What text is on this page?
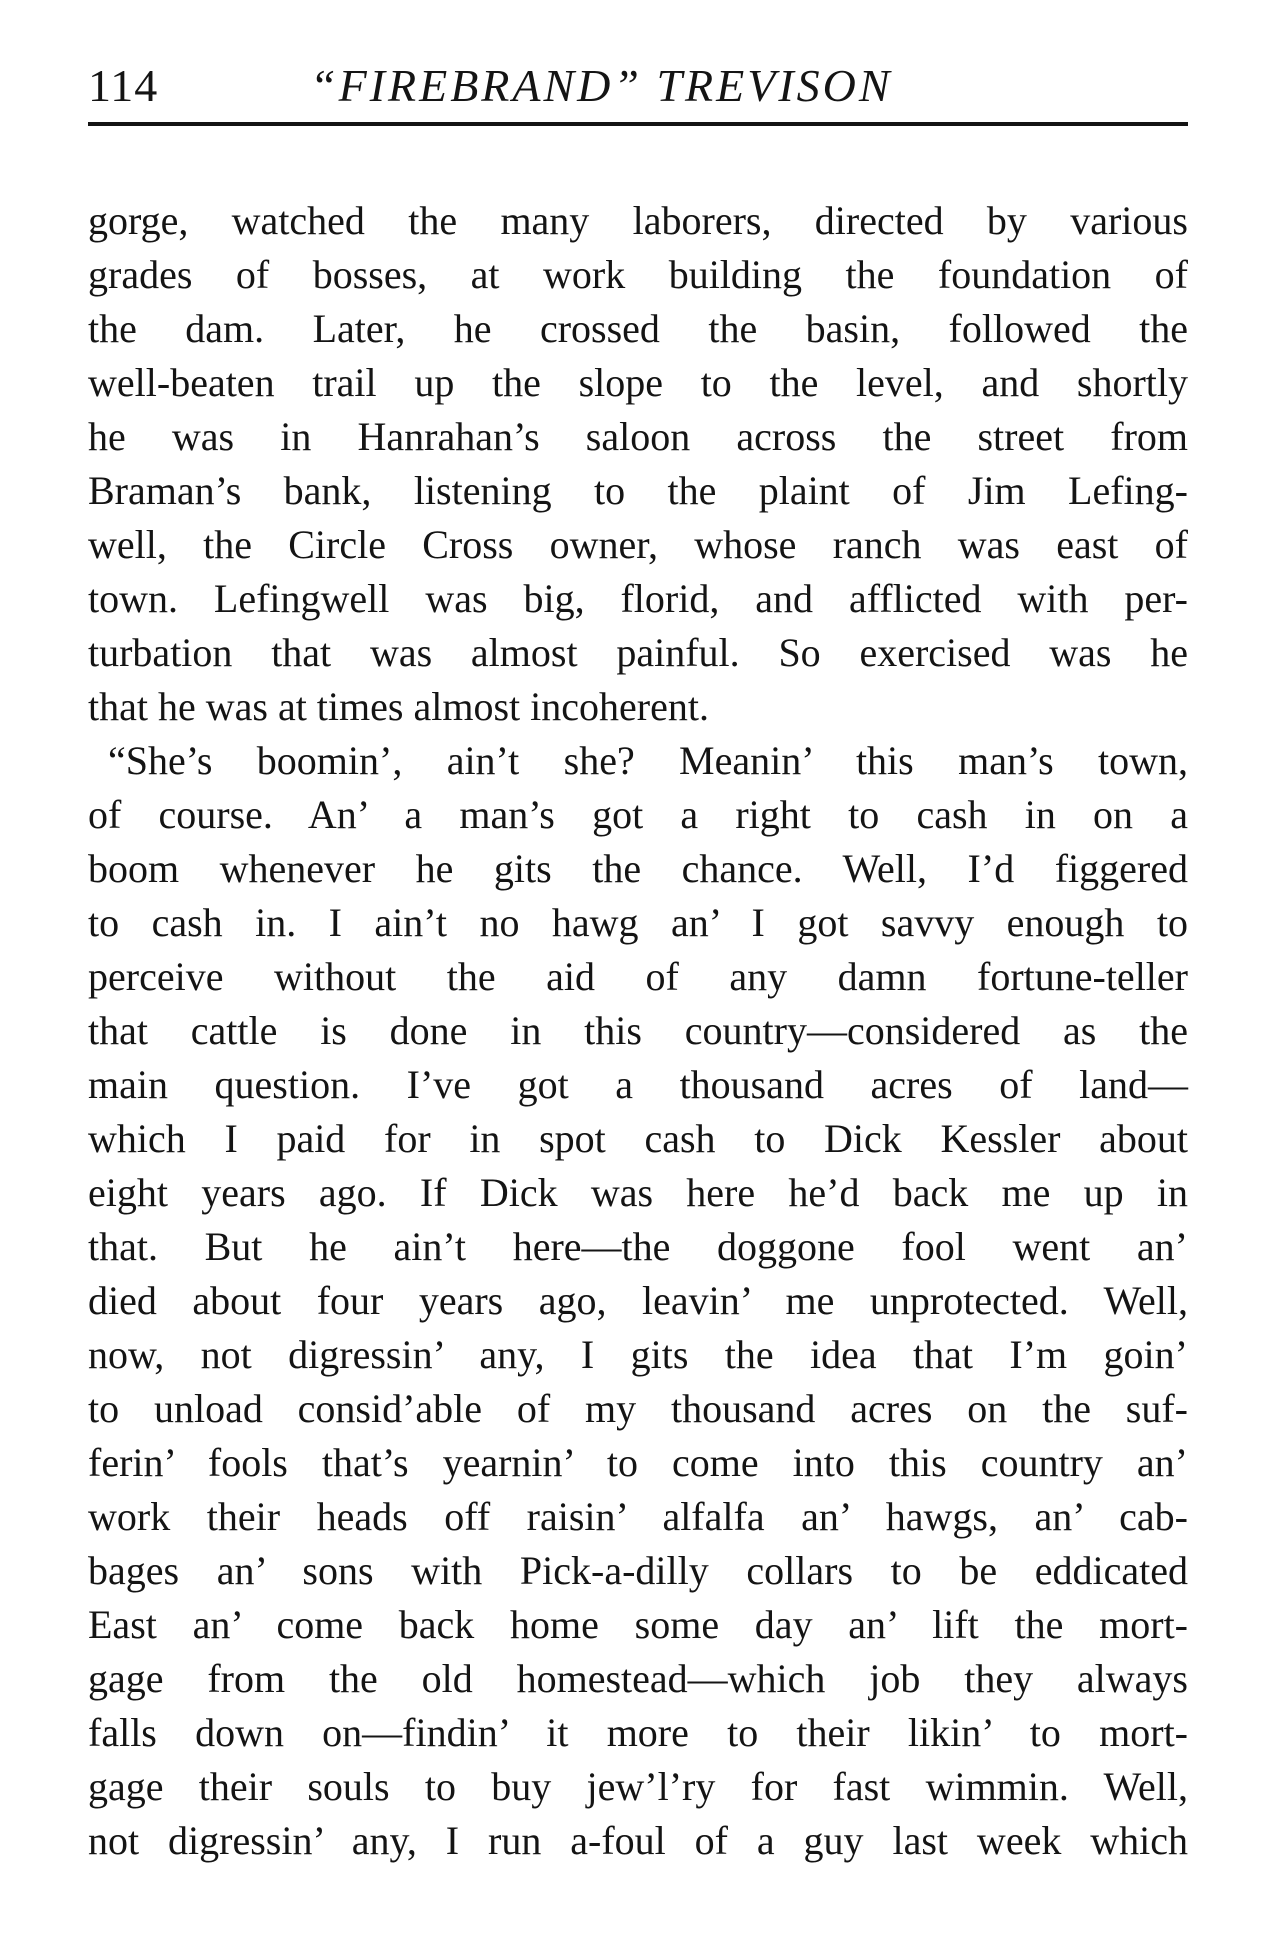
114	“FIREBRAND” TREVISON
gorge, watched the many laborers, directed by various
grades of bosses, at work building the foundation of
the dam. Later, he crossed the basin, followed the
well-beaten trail up the slope to the level, and shortly
he was in Hanrahan’s saloon across the street from
Braman’s bank, listening to the plaint of Jim Lefing-
well, the Circle Cross owner, whose ranch was east of
town. Lefingwell was big, florid, and afflicted with per-
turbation that was almost painful. So exercised was he
that he was at times almost incoherent.
“She’s boomin’, ain’t she? Meanin’ this man’s town,
of course. An’ a man’s got a right to cash in on a
boom whenever he gits the chance. Well, I’d figgered
to cash in. I ain’t no hawg an’ I got savvy enough to
perceive without the aid of any damn fortune-teller
that cattle is done in this country—considered as the
main question. I’ve got a thousand acres of land—
which I paid for in spot cash to Dick Kessler about
eight years ago. If Dick was here he’d back me up in
that. But he ain’t here—the doggone fool went an’
died about four years ago, leavin’ me unprotected. Well,
now, not digressin’ any, I gits the idea that I’m goin’
to unload consid’able of my thousand acres on the suf-
ferin’ fools that’s yearnin’ to come into this country an’
work their heads off raisin’ alfalfa an’ hawgs, an’ cab-
bages an’ sons with Pick-a-dilly collars to be eddicated
East an’ come back home some day an’ lift the mort-
gage from the old homestead—which job they always
falls down on—findin’ it more to their likin’ to mort-
gage their souls to buy jew’l’ry for fast wimmin. Well,
not digressin’ any, I run a-foul of a guy last week which
